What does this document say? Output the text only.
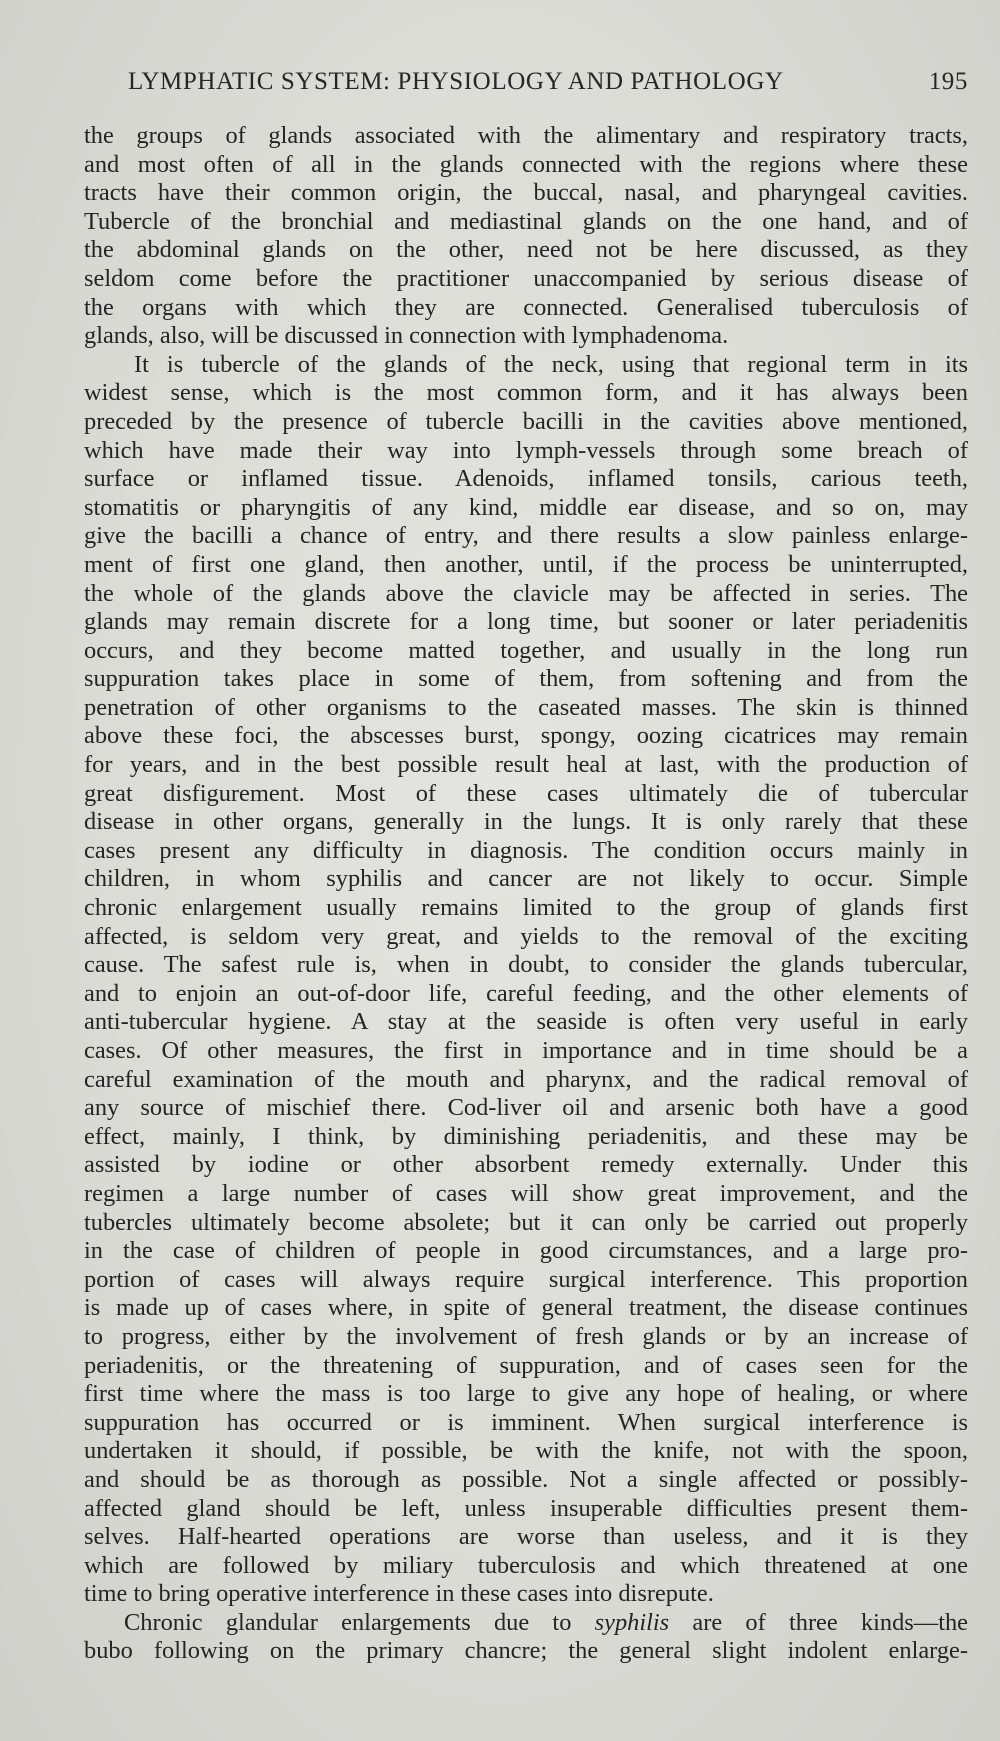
LYMPHATIC SYSTEM: PHYSIOLOGY AND PATHOLOGY	195
the groups of glands associated with the alimentary and respiratory tracts,
and most often of all in the glands connected with the regions where these
tracts have their common origin, the buccal, nasal, and pharyngeal cavities.
Tubercle of the bronchial and mediastinal glands on the one hand, and of
the abdominal glands on the other, need not be here discussed, as they
seldom come before the practitioner unaccompanied by serious disease of
the organs with which they are connected. Generalised tuberculosis of
glands, also, will be discussed in connection with lymphadenoma.
It is tubercle of the glands of the neck, using that regional term in its
widest sense, which is the most common form, and it has always been
preceded by the presence of tubercle bacilli in the cavities above mentioned,
which have made their way into lymph-vessels through some breach of
surface or inflamed tissue. Adenoids, inflamed tonsils, carious teeth,
stomatitis or pharyngitis of any kind, middle ear disease, and so on, may
give the bacilli a chance of entry, and there results a slow painless enlarge-
ment of first one gland, then another, until, if the process be uninterrupted,
the whole of the glands above the clavicle may be affected in series. The
glands may remain discrete for a long time, but sooner or later periadenitis
occurs, and they become matted together, and usually in the long run
suppuration takes place in some of them, from softening and from the
penetration of other organisms to the caseated masses. The skin is thinned
above these foci, the abscesses burst, spongy, oozing cicatrices may remain
for years, and in the best possible result heal at last, with the production of
great disfigurement. Most of these cases ultimately die of tubercular
disease in other organs, generally in the lungs. It is only rarely that these
cases present any difficulty in diagnosis. The condition occurs mainly in
children, in whom syphilis and cancer are not likely to occur. Simple
chronic enlargement usually remains limited to the group of glands first
affected, is seldom very great, and yields to the removal of the exciting
cause. The safest rule is, when in doubt, to consider the glands tubercular,
and to enjoin an out-of-door life, careful feeding, and the other elements of
anti-tubercular hygiene. A stay at the seaside is often very useful in early
cases. Of other measures, the first in importance and in time should be a
careful examination of the mouth and pharynx, and the radical removal of
any source of mischief there. Cod-liver oil and arsenic both have a good
effect, mainly, I think, by diminishing periadenitis, and these may be
assisted by iodine or other absorbent remedy externally. Under this
regimen a large number of cases will show great improvement, and the
tubercles ultimately become absolete; but it can only be carried out properly
in the case of children of people in good circumstances, and a large pro-
portion of cases will always require surgical interference. This proportion
is made up of cases where, in spite of general treatment, the disease continues
to progress, either by the involvement of fresh glands or by an increase of
periadenitis, or the threatening of suppuration, and of cases seen for the
first time where the mass is too large to give any hope of healing, or where
suppuration has occurred or is imminent. When surgical interference is
undertaken it should, if possible, be with the knife, not with the spoon,
and should be as thorough as possible. Not a single affected or possibly-
affected gland should be left, unless insuperable difficulties present them-
selves. Half-hearted operations are worse than useless, and it is they
which are followed by miliary tuberculosis and which threatened at one
time to bring operative interference in these cases into disrepute.
Chronic glandular enlargements due to syphilis are of three kinds—the
bubo following on the primary chancre; the general slight indolent enlarge-
